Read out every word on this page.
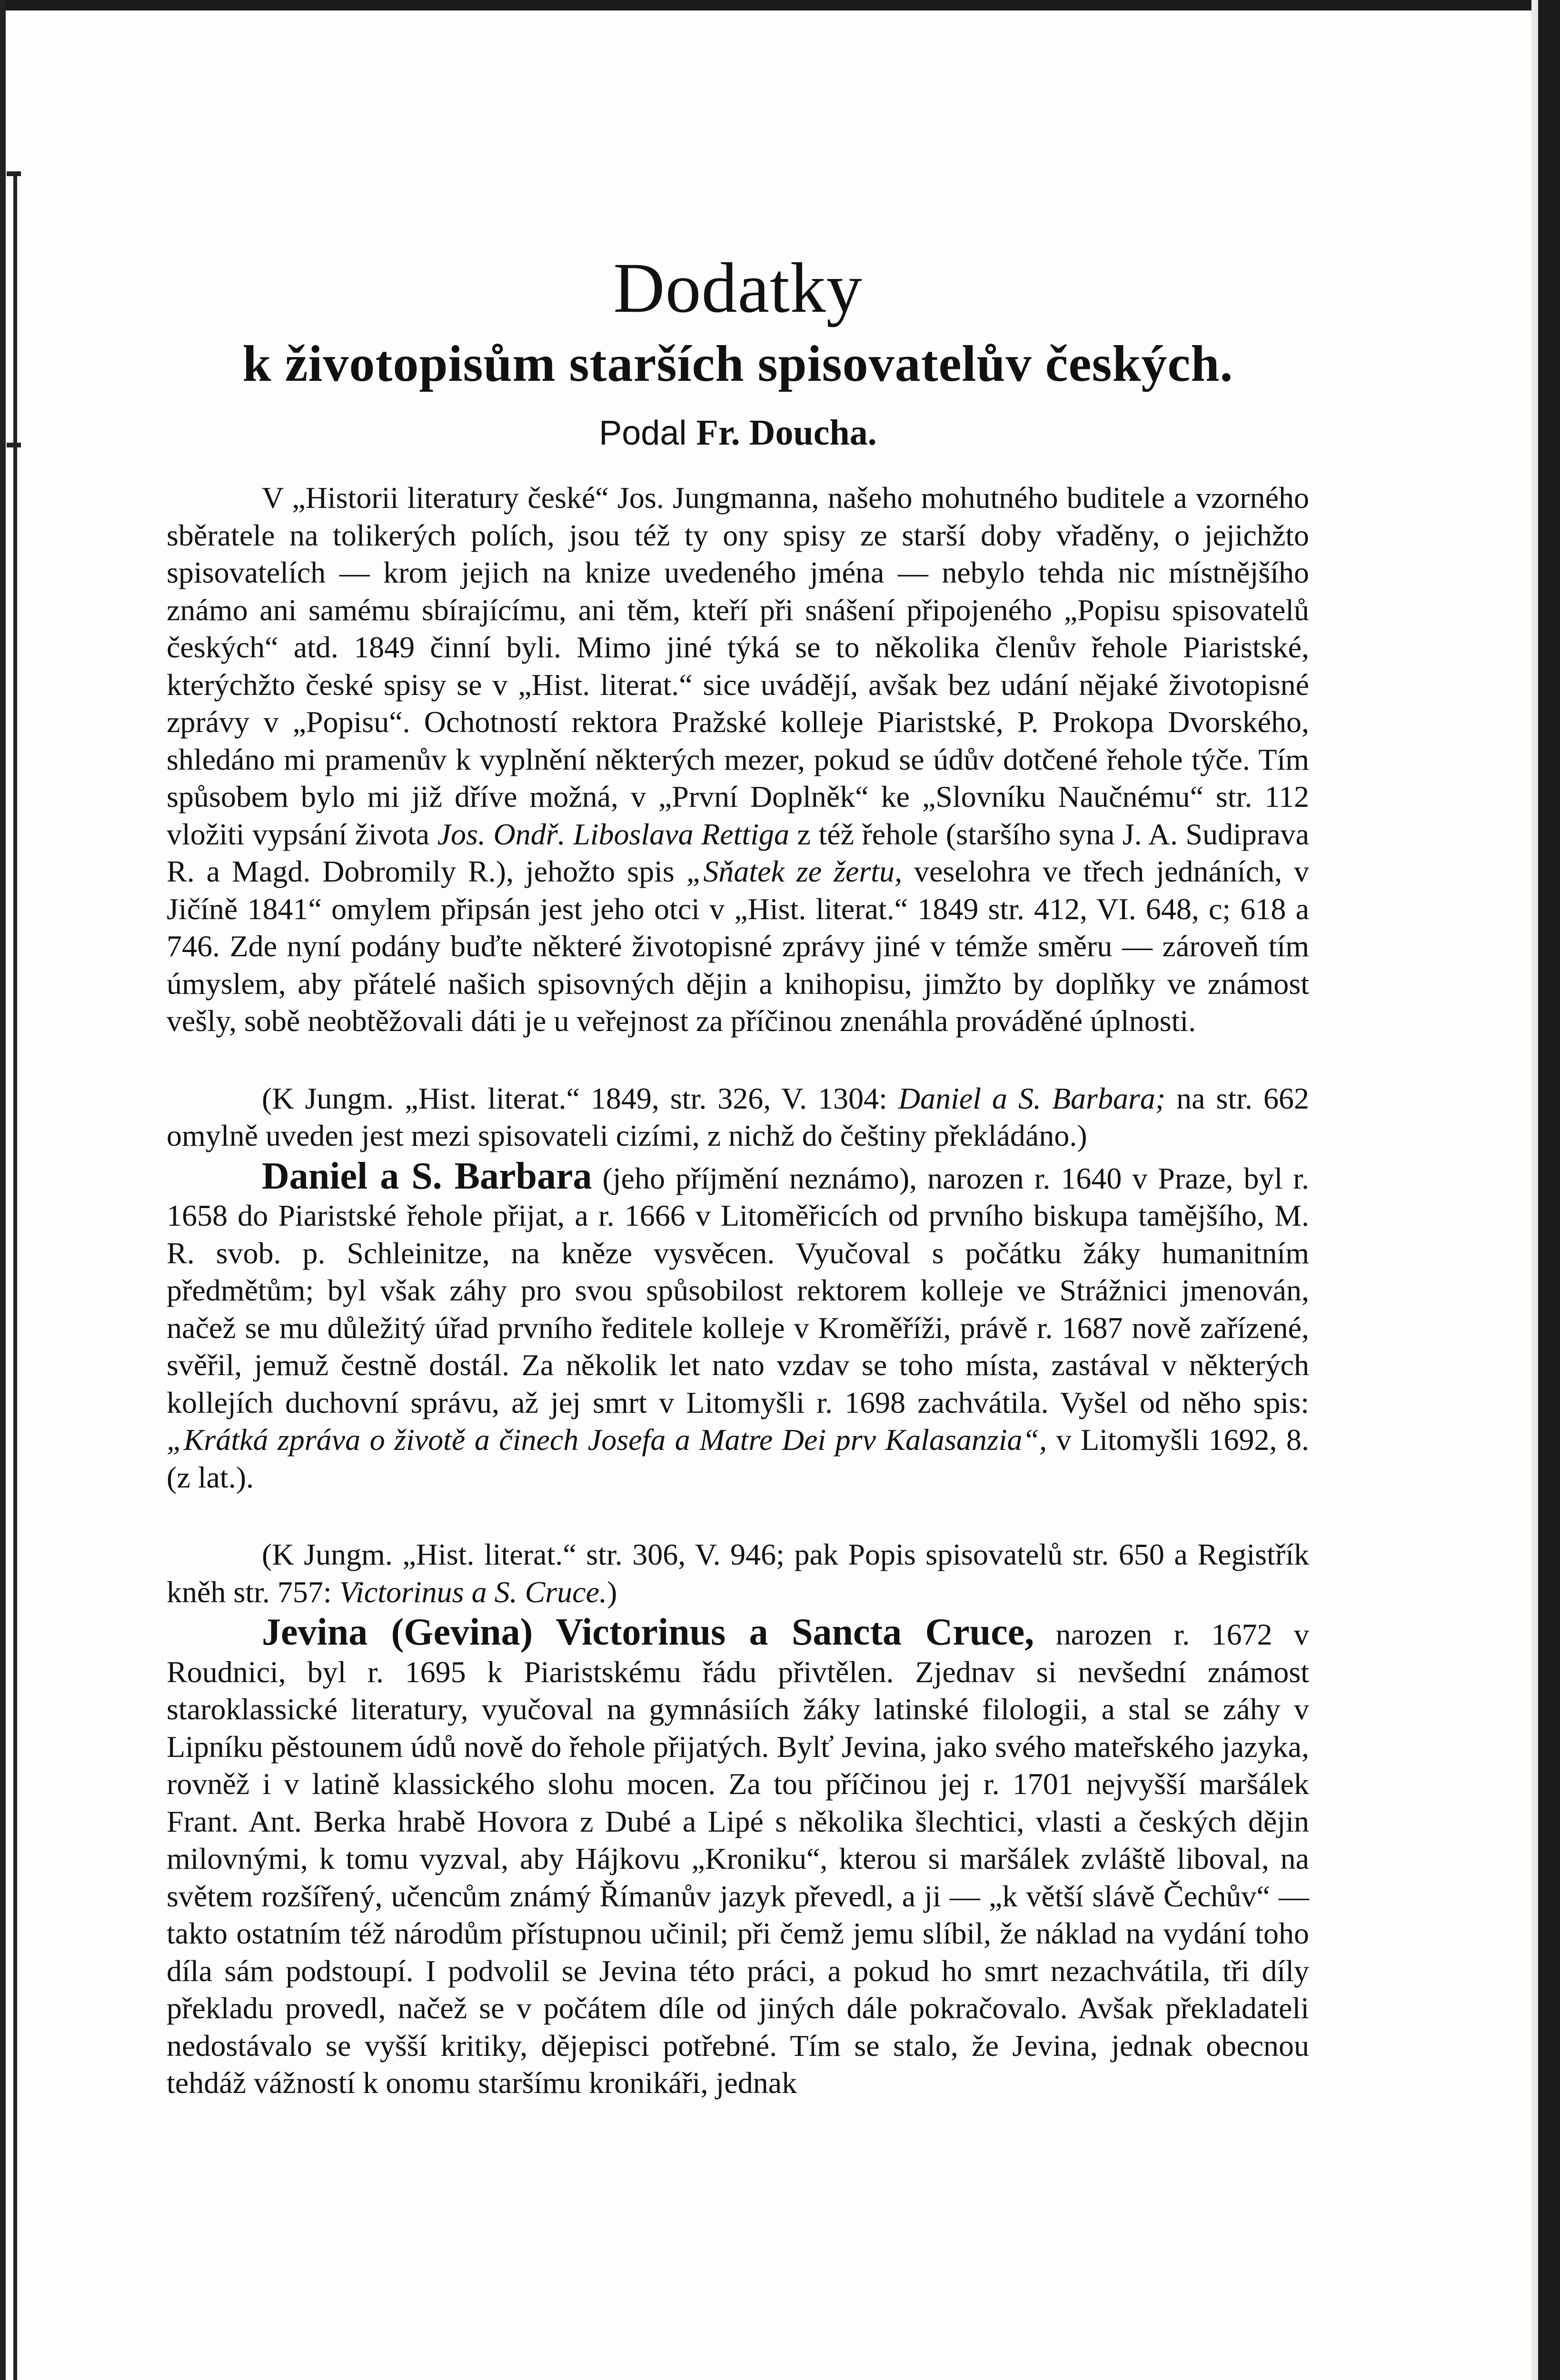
Dodatky
k životopisům starších spisovatelův českých.

Podal Fr. Doucha.

V „Historii literatury české“ Jos. Jungmanna, našeho mohutného buditele a vzorného sběratele na tolikerých polích, jsou též ty ony spisy ze starší doby vřaděny, o jejichžto spisovatelích — krom jejich na knize uvedeného jména — nebylo tehda nic místnějšího známo ani samému sbírajícímu, ani těm, kteří při snášení připojeného „Popisu spisovatelů českých“ atd. 1849 činní byli. Mimo jiné týká se to několika členův řehole Piaristské, kterýchžto české spisy se v „Hist. literat.“ sice uvádějí, avšak bez udání nějaké životopisné zprávy v „Popisu“. Ochotností rektora Pražské kolleje Piaristské, P. Prokopa Dvorského, shledáno mi pramenův k vyplnění některých mezer, pokud se údův dotčené řehole týče. Tím spůsobem bylo mi již dříve možná, v „První Doplněk“ ke „Slovníku Naučnému“ str. 112 vložiti vypsání života Jos. Ondř. Liboslava Rettiga z též řehole (staršího syna J. A. Sudiprava R. a Magd. Dobromily R.), jehožto spis „Sňatek ze žertu, veselohra ve třech jednáních, v Jičíně 1841“ omylem připsán jest jeho otci v „Hist. literat.“ 1849 str. 412, VI. 648, c; 618 a 746. Zde nyní podány buďte některé životopisné zprávy jiné v témže směru — zároveň tím úmyslem, aby přátelé našich spisovných dějin a knihopisu, jimžto by doplňky ve známost vešly, sobě neobtěžovali dáti je u veřejnost za příčinou znenáhla prováděné úplnosti.

(K Jungm. „Hist. literat.“ 1849, str. 326, V. 1304: Daniel a S. Barbara; na str. 662 omylně uveden jest mezi spisovateli cizími, z nichž do češtiny překládáno.)

Daniel a S. Barbara (jeho příjmění neznámo), narozen r. 1640 v Praze, byl r. 1658 do Piaristské řehole přijat, a r. 1666 v Litoměřicích od prvního biskupa tamějšího, M. R. svob. p. Schleinitze, na kněze vysvěcen. Vyučoval s počátku žáky humanitním předmětům; byl však záhy pro svou spůsobilost rektorem kolleje ve Strážnici jmenován, načež se mu důležitý úřad prvního ředitele kolleje v Kroměříži, právě r. 1687 nově zařízené, svěřil, jemuž čestně dostál. Za několik let nato vzdav se toho místa, zastával v některých kollejích duchovní správu, až jej smrt v Litomyšli r. 1698 zachvátila. Vyšel od něho spis: „Krátká zpráva o životě a činech Josefa a Matre Dei prv Kalasanzia“, v Litomyšli 1692, 8. (z lat.).

(K Jungm. „Hist. literat.“ str. 306, V. 946; pak Popis spisovatelů str. 650 a Registřík kněh str. 757: Victorinus a S. Cruce.)

Jevina (Gevina) Victorinus a Sancta Cruce, narozen r. 1672 v Roudnici, byl r. 1695 k Piaristskému řádu přivtělen. Zjednav si nevšední známost staroklassické literatury, vyučoval na gymnásiích žáky latinské filologii, a stal se záhy v Lipníku pěstounem údů nově do řehole přijatých. Bylť Jevina, jako svého mateřského jazyka, rovněž i v latině klassického slohu mocen. Za tou příčinou jej r. 1701 nejvyšší maršálek Frant. Ant. Berka hrabě Hovora z Dubé a Lipé s několika šlechtici, vlasti a českých dějin milovnými, k tomu vyzval, aby Hájkovu „Kroniku“, kterou si maršálek zvláště liboval, na světem rozšířený, učencům známý Římanův jazyk převedl, a ji — „k větší slávě Čechův“ — takto ostatním též národům přístupnou učinil; při čemž jemu slíbil, že náklad na vydání toho díla sám podstoupí. I podvolil se Jevina této práci, a pokud ho smrt nezachvátila, tři díly překladu provedl, načež se v počátem díle od jiných dále pokračovalo. Avšak překladateli nedostávalo se vyšší kritiky, dějepisci potřebné. Tím se stalo, že Jevina, jednak obecnou tehdáž vážností k onomu staršímu kronikáři, jednak
